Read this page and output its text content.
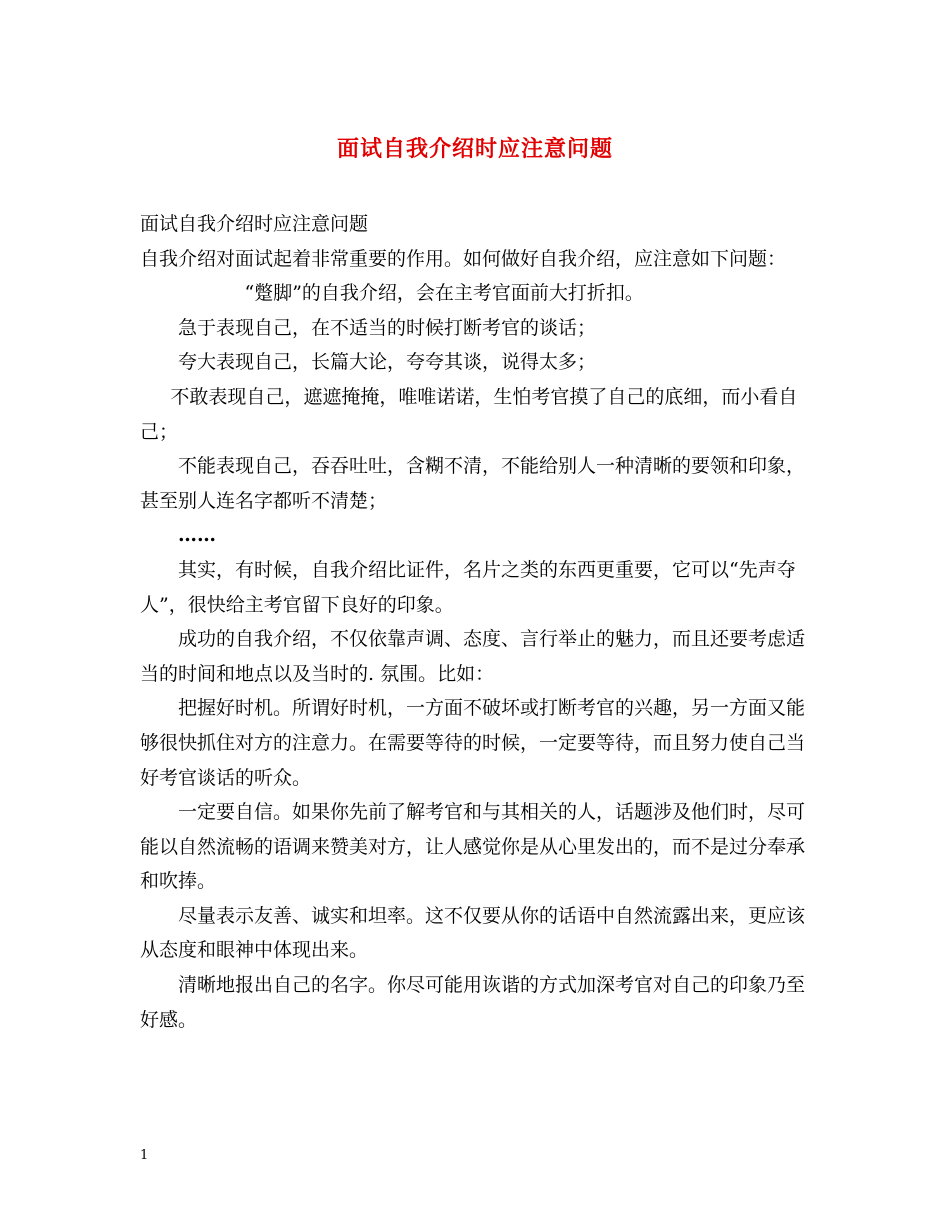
面试自我介绍时应注意问题

面试自我介绍时应注意问题

自我介绍对面试起着非常重要的作用。如何做好自我介绍，应注意如下问题：

“蹩脚”的自我介绍，会在主考官面前大打折扣。

急于表现自己，在不适当的时候打断考官的谈话；

夸大表现自己，长篇大论，夸夸其谈，说得太多；

不敢表现自己，遮遮掩掩，唯唯诺诺，生怕考官摸了自己的底细，而小看自己；

不能表现自己，吞吞吐吐，含糊不清，不能给别人一种清晰的要领和印象，甚至别人连名字都听不清楚；

……

其实，有时候，自我介绍比证件，名片之类的东西更重要，它可以“先声夺人”，很快给主考官留下良好的印象。

成功的自我介绍，不仅依靠声调、态度、言行举止的魅力，而且还要考虑适当的时间和地点以及当时的. 氛围。比如：

把握好时机。所谓好时机，一方面不破坏或打断考官的兴趣，另一方面又能够很快抓住对方的注意力。在需要等待的时候，一定要等待，而且努力使自己当好考官谈话的听众。

一定要自信。如果你先前了解考官和与其相关的人，话题涉及他们时，尽可能以自然流畅的语调来赞美对方，让人感觉你是从心里发出的，而不是过分奉承和吹捧。

尽量表示友善、诚实和坦率。这不仅要从你的话语中自然流露出来，更应该从态度和眼神中体现出来。

清晰地报出自己的名字。你尽可能用诙谐的方式加深考官对自己的印象乃至好感。

1
